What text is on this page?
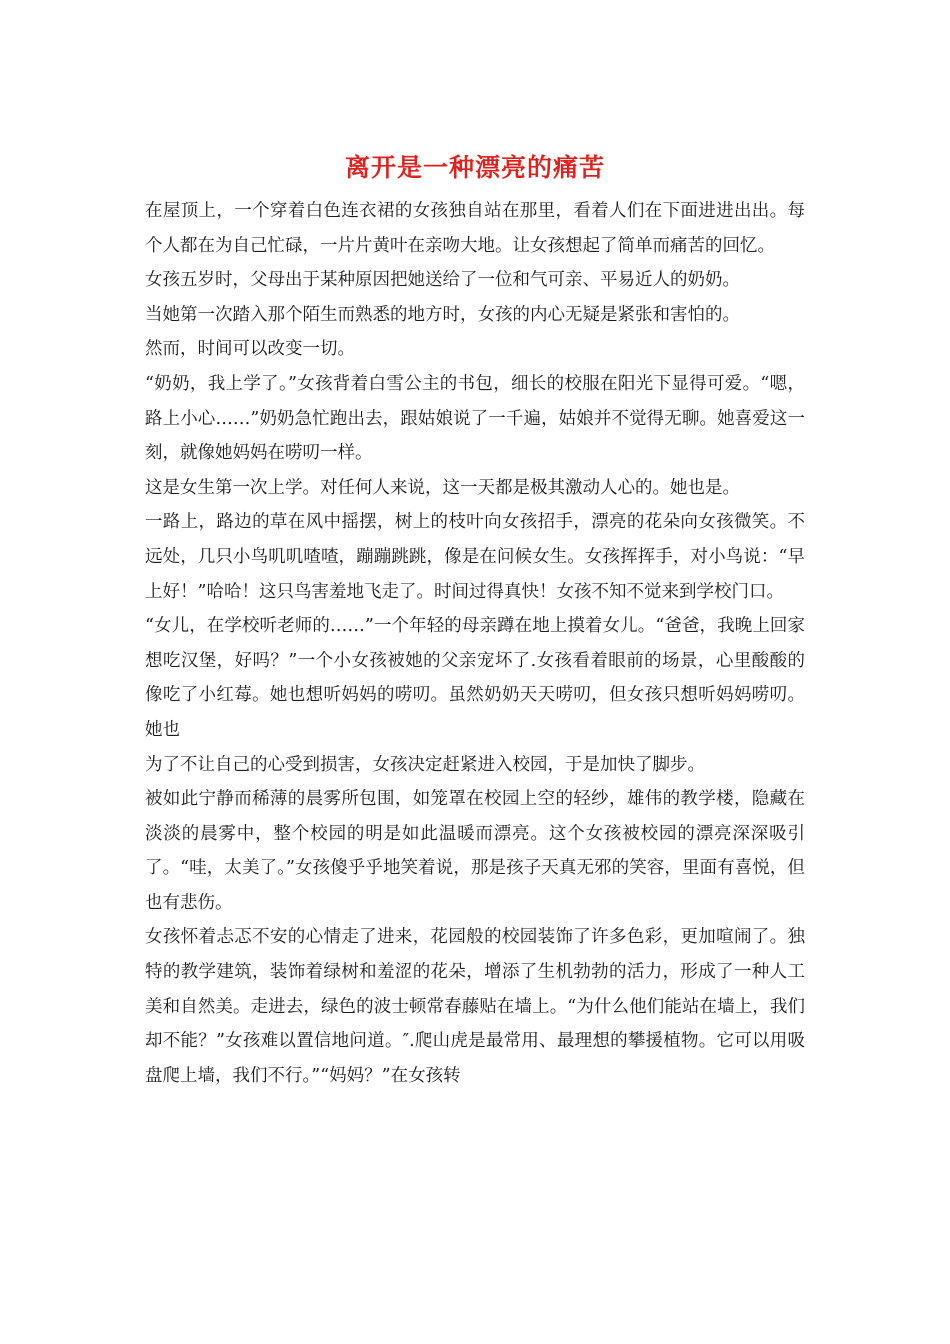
离开是一种漂亮的痛苦

在屋顶上，一个穿着白色连衣裙的女孩独自站在那里，看着人们在下面进进出出。每个人都在为自己忙碌，一片片黄叶在亲吻大地。让女孩想起了简单而痛苦的回忆。

女孩五岁时，父母出于某种原因把她送给了一位和气可亲、平易近人的奶奶。

当她第一次踏入那个陌生而熟悉的地方时，女孩的内心无疑是紧张和害怕的。

然而，时间可以改变一切。

“奶奶，我上学了。”女孩背着白雪公主的书包，细长的校服在阳光下显得可爱。“嗯，路上小心……”奶奶急忙跑出去，跟姑娘说了一千遍，姑娘并不觉得无聊。她喜爱这一刻，就像她妈妈在唠叨一样。

这是女生第一次上学。对任何人来说，这一天都是极其激动人心的。她也是。

一路上，路边的草在风中摇摆，树上的枝叶向女孩招手，漂亮的花朵向女孩微笑。不远处，几只小鸟叽叽喳喳，蹦蹦跳跳，像是在问候女生。女孩挥挥手，对小鸟说：“早上好！”哈哈！这只鸟害羞地飞走了。时间过得真快！女孩不知不觉来到学校门口。

“女儿，在学校听老师的……”一个年轻的母亲蹲在地上摸着女儿。“爸爸，我晚上回家想吃汉堡，好吗？”一个小女孩被她的父亲宠坏了.女孩看着眼前的场景，心里酸酸的像吃了小红莓。她也想听妈妈的唠叨。虽然奶奶天天唠叨，但女孩只想听妈妈唠叨。她也

为了不让自己的心受到损害，女孩决定赶紧进入校园，于是加快了脚步。

被如此宁静而稀薄的晨雾所包围，如笼罩在校园上空的轻纱，雄伟的教学楼，隐藏在淡淡的晨雾中，整个校园的明是如此温暖而漂亮。这个女孩被校园的漂亮深深吸引了。“哇，太美了。”女孩傻乎乎地笑着说，那是孩子天真无邪的笑容，里面有喜悦，但也有悲伤。

女孩怀着忐忑不安的心情走了进来，花园般的校园装饰了许多色彩，更加喧闹了。独特的教学建筑，装饰着绿树和羞涩的花朵，增添了生机勃勃的活力，形成了一种人工美和自然美。走进去，绿色的波士顿常春藤贴在墙上。“为什么他们能站在墙上，我们却不能？”女孩难以置信地问道。″.爬山虎是最常用、最理想的攀援植物。它可以用吸盘爬上墙，我们不行。”“妈妈？”在女孩转
